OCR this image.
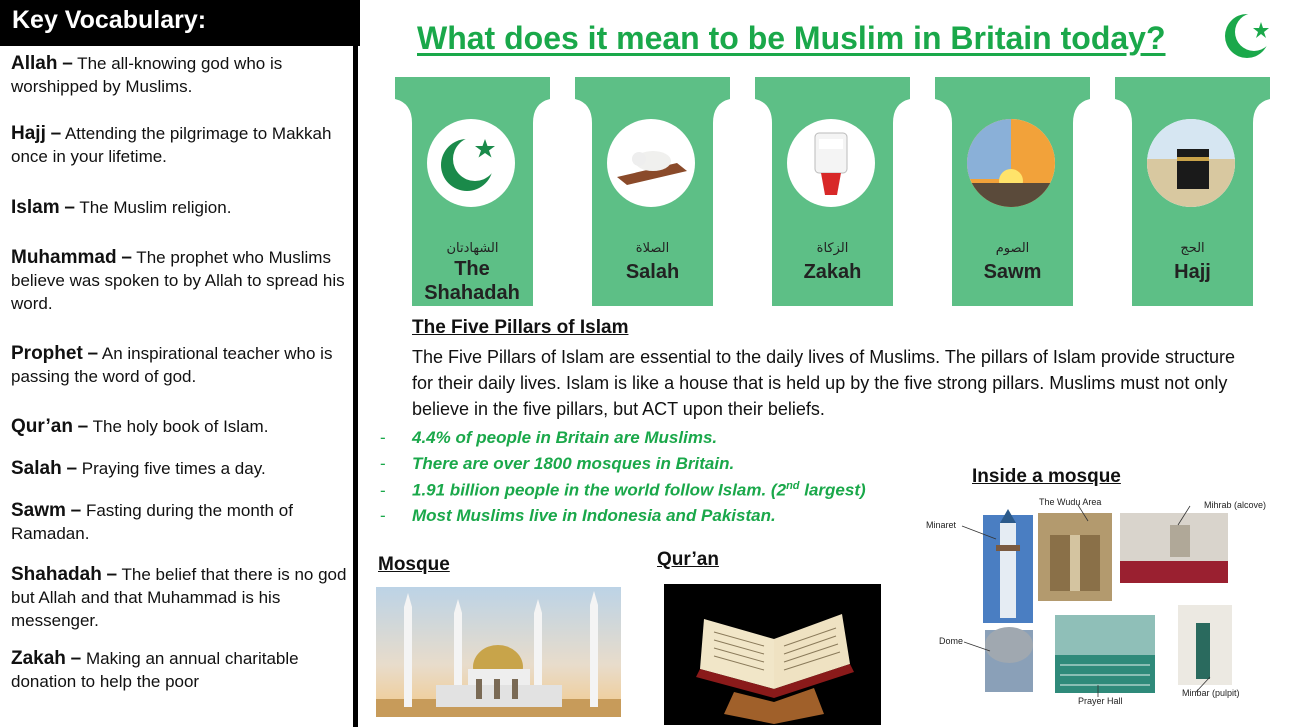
Key Vocabulary:
Allah – The all-knowing god who is worshipped by Muslims.
Hajj – Attending the pilgrimage to Makkah once in your lifetime.
Islam – The Muslim religion.
Muhammad – The prophet who Muslims believe was spoken to by Allah to spread his word.
Prophet – An inspirational teacher who is passing the word of god.
Qur’an – The holy book of Islam.
Salah – Praying five times a day.
Sawm – Fasting during the month of Ramadan.
Shahadah – The belief that there is no god but Allah and that Muhammad is his messenger.
Zakah – Making an annual charitable donation to help the poor
What does it mean to be Muslim in Britain today?
الشهادتان
The Shahadah
الصلاة
Salah
الزكاة
Zakah
الصوم
Sawm
الحج
Hajj
The Five Pillars of Islam
The Five Pillars of Islam are essential to the daily lives of Muslims. The pillars of Islam provide structure for their daily lives. Islam is like a house that is held up by the five strong pillars. Muslims must not only believe in the five pillars, but ACT upon their beliefs.
- 4.4% of people in Britain are Muslims.
- There are over 1800 mosques in Britain.
- 1.91 billion people in the world follow Islam. (2nd largest)
- Most Muslims live in Indonesia and Pakistan.
Mosque	Qur’an
Inside a mosque
Minaret
The Wudu Area	Mihrab (alcove)
Dome
Prayer Hall
Minbar (pulpit)
